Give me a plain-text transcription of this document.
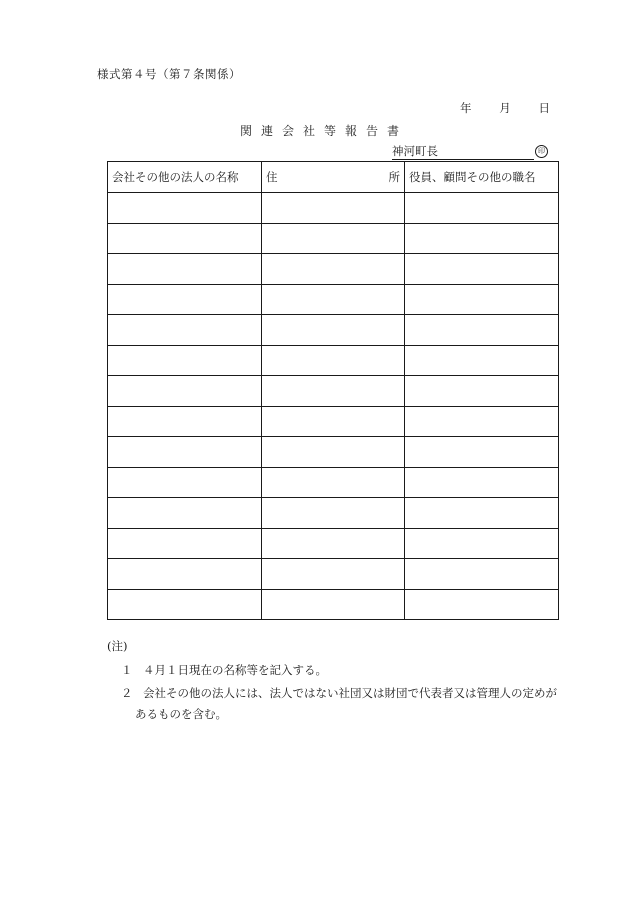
様式第４号（第７条関係）
年 月 日
関連会社等報告書
神河町長	印
会社その他の法人の名称	住 所	役員、顧問その他の職名

(注)
１ ４月１日現在の名称等を記入する。
２ 会社その他の法人には、法人ではない社団又は財団で代表者又は管理人の定めが
あるものを含む。
